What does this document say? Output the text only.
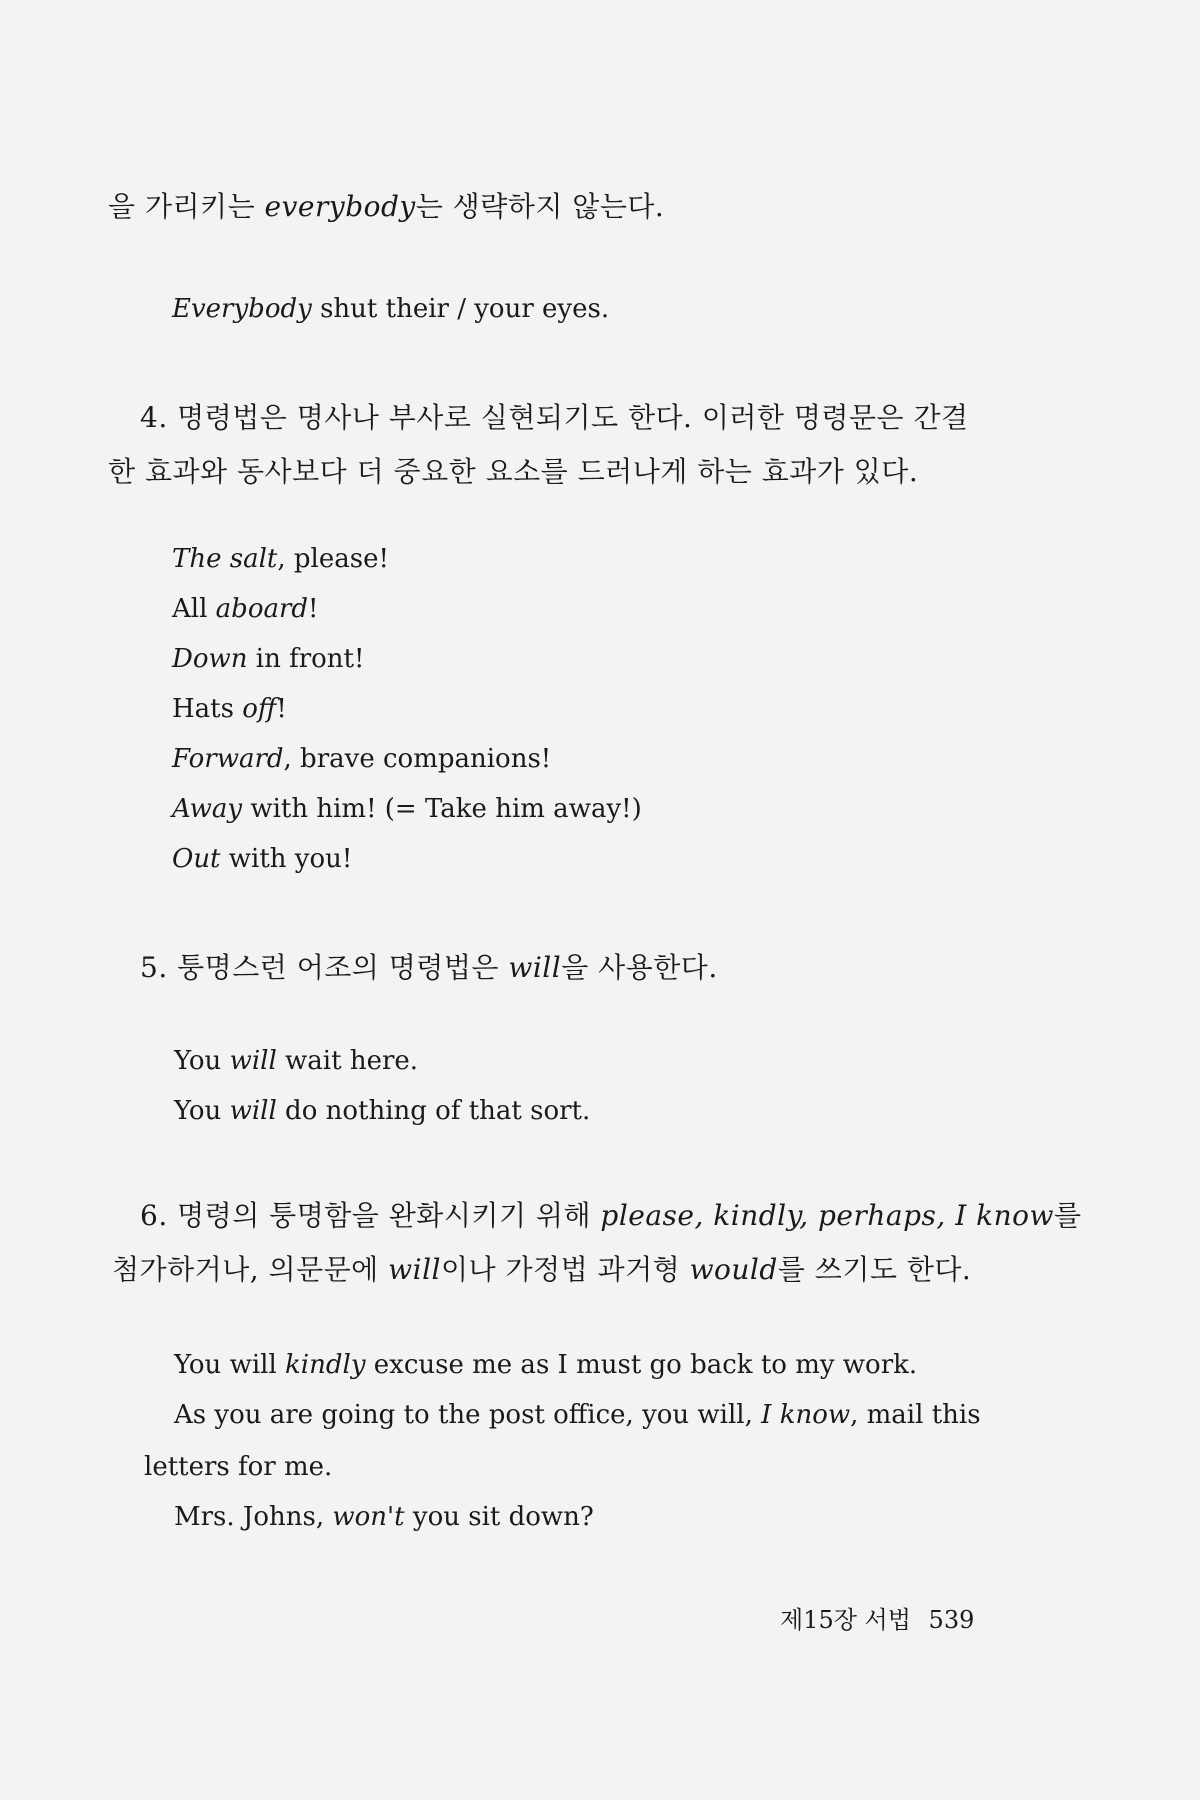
을 가리키는 everybody는 생략하지 않는다.
Everybody shut their / your eyes.
4. 명령법은 명사나 부사로 실현되기도 한다. 이러한 명령문은 간결
한 효과와 동사보다 더 중요한 요소를 드러나게 하는 효과가 있다.
The salt, please!
All aboard!
Down in front!
Hats off!
Forward, brave companions!
Away with him! (= Take him away!)
Out with you!
5. 퉁명스런 어조의 명령법은 will을 사용한다.
You will wait here.
You will do nothing of that sort.
6. 명령의 퉁명함을 완화시키기 위해 please, kindly, perhaps, I know를
첨가하거나, 의문문에 will이나 가정법 과거형 would를 쓰기도 한다.
You will kindly excuse me as I must go back to my work.
As you are going to the post office, you will, I know, mail this
letters for me.
Mrs. Johns, won't you sit down?
제15장 서법 539
